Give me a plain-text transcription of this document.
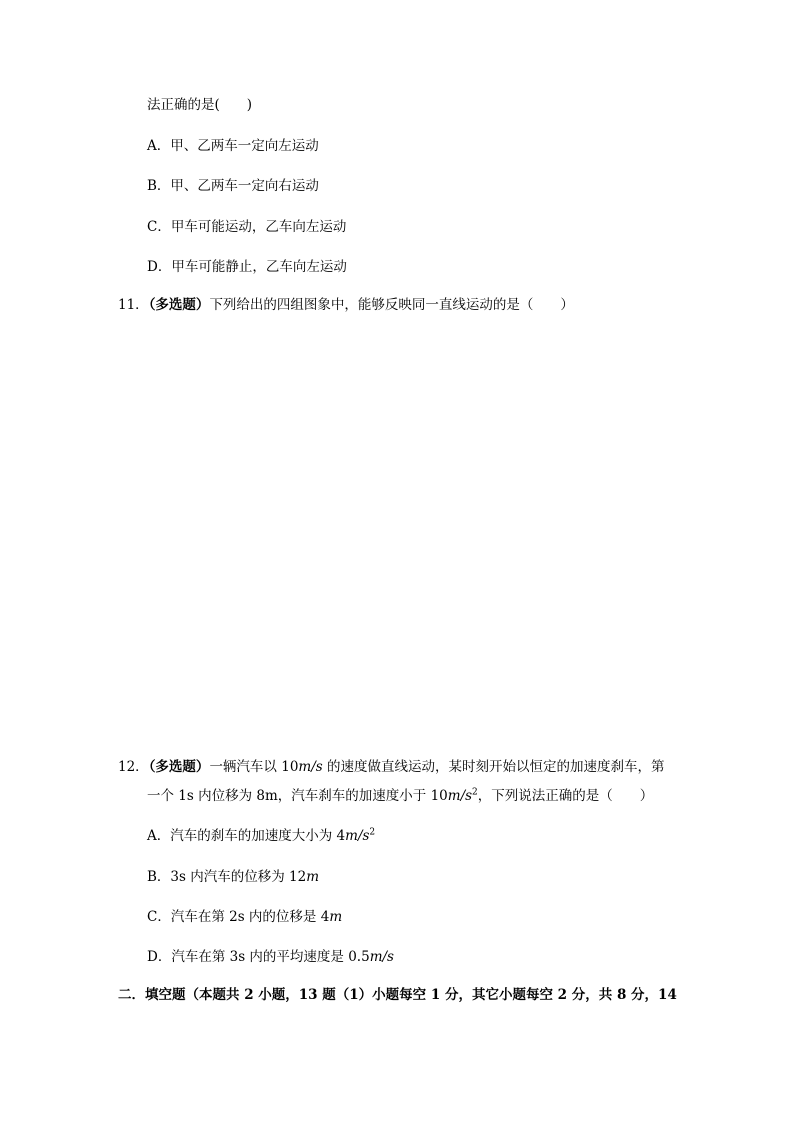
法正确的是(　　)
A．甲、乙两车一定向左运动
B．甲、乙两车一定向右运动
C．甲车可能运动，乙车向左运动
D．甲车可能静止，乙车向左运动
11．（多选题）下列给出的四组图象中，能够反映同一直线运动的是（　　）
12．（多选题）一辆汽车以 10m/s 的速度做直线运动，某时刻开始以恒定的加速度刹车，第
一个 1s 内位移为 8m，汽车刹车的加速度小于 $10m/s^2$，下列说法正确的是（　　）
A．汽车的刹车的加速度大小为 $4m/s^2$
B．3s 内汽车的位移为 12m
C．汽车在第 2s 内的位移是 4m
D．汽车在第 3s 内的平均速度是 0.5m/s
二．填空题（本题共 2 小题，13 题（1）小题每空 1 分，其它小题每空 2 分，共 8 分，14
